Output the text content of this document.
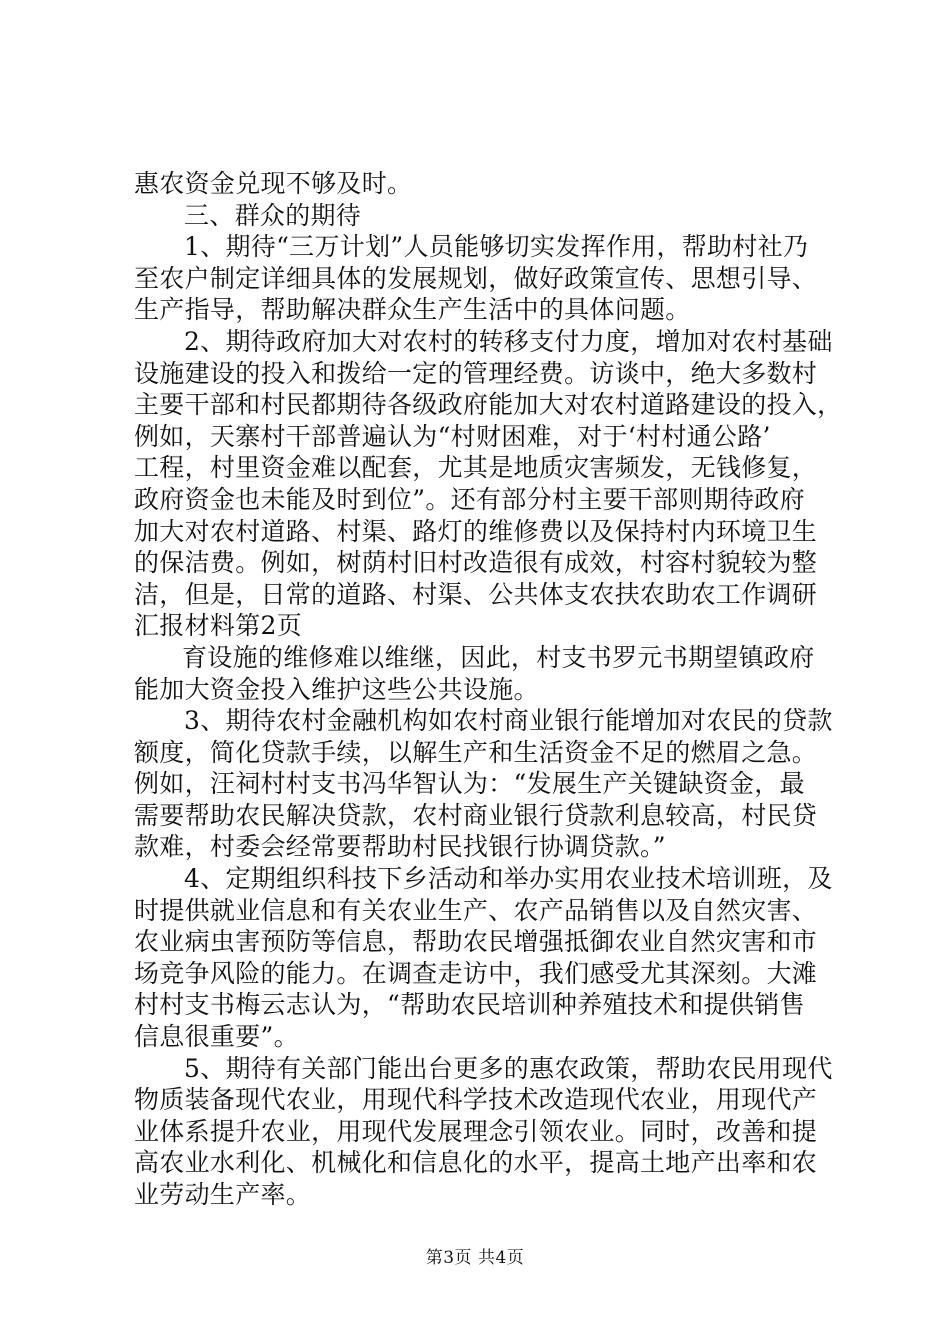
惠农资金兑现不够及时。
三、群众的期待
1、期待“三万计划”人员能够切实发挥作用，帮助村社乃
至农户制定详细具体的发展规划，做好政策宣传、思想引导、
生产指导，帮助解决群众生产生活中的具体问题。
2、期待政府加大对农村的转移支付力度，增加对农村基础
设施建设的投入和拨给一定的管理经费。访谈中，绝大多数村
主要干部和村民都期待各级政府能加大对农村道路建设的投入，
例如，天寨村干部普遍认为“村财困难，对于‘村村通公路’
工程，村里资金难以配套，尤其是地质灾害频发，无钱修复，
政府资金也未能及时到位”。还有部分村主要干部则期待政府
加大对农村道路、村渠、路灯的维修费以及保持村内环境卫生
的保洁费。例如，树荫村旧村改造很有成效，村容村貌较为整
洁，但是，日常的道路、村渠、公共体支农扶农助农工作调研
汇报材料第2页
育设施的维修难以维继，因此，村支书罗元书期望镇政府
能加大资金投入维护这些公共设施。
3、期待农村金融机构如农村商业银行能增加对农民的贷款
额度，简化贷款手续，以解生产和生活资金不足的燃眉之急。
例如，汪祠村村支书冯华智认为：“发展生产关键缺资金，最
需要帮助农民解决贷款，农村商业银行贷款利息较高，村民贷
款难，村委会经常要帮助村民找银行协调贷款。”
4、定期组织科技下乡活动和举办实用农业技术培训班，及
时提供就业信息和有关农业生产、农产品销售以及自然灾害、
农业病虫害预防等信息，帮助农民增强抵御农业自然灾害和市
场竞争风险的能力。在调查走访中，我们感受尤其深刻。大滩
村村支书梅云志认为，“帮助农民培训种养殖技术和提供销售
信息很重要”。
5、期待有关部门能出台更多的惠农政策，帮助农民用现代
物质装备现代农业，用现代科学技术改造现代农业，用现代产
业体系提升农业，用现代发展理念引领农业。同时，改善和提
高农业水利化、机械化和信息化的水平，提高土地产出率和农
业劳动生产率。
第3页 共4页
